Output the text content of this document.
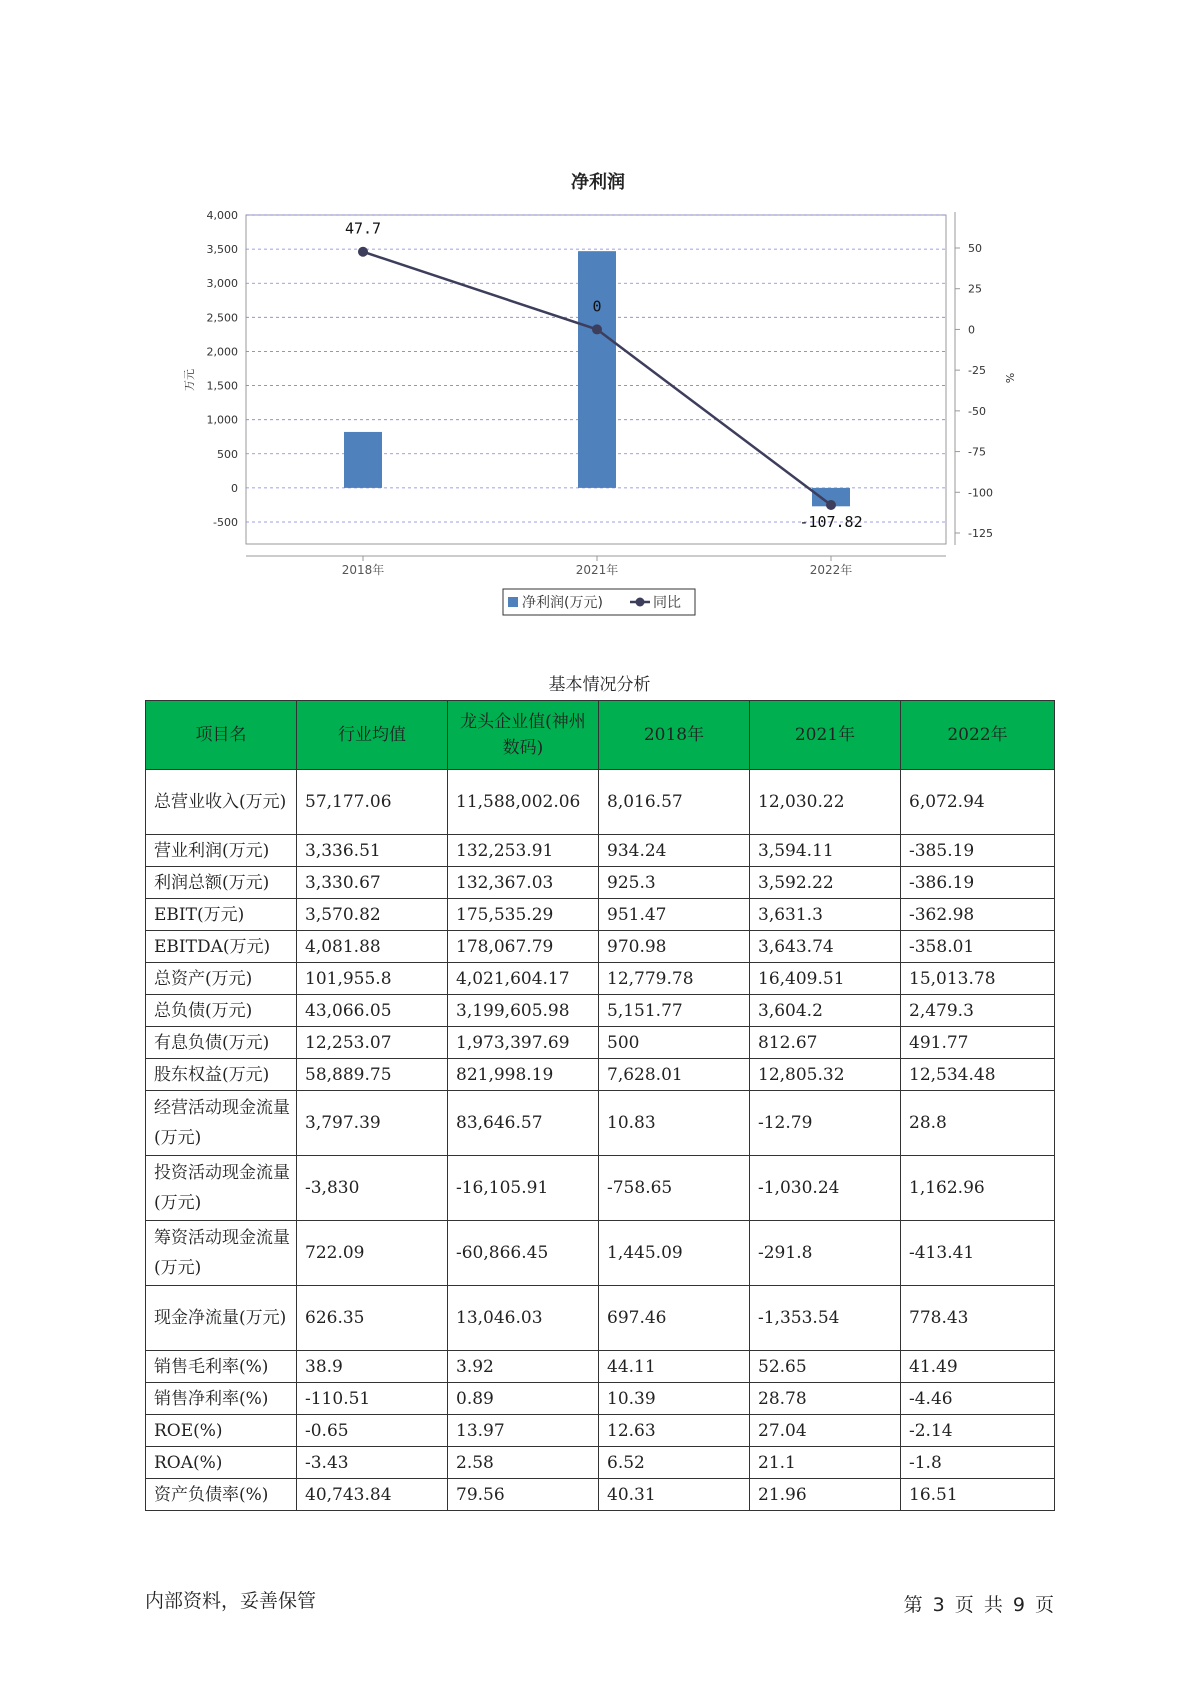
净利润
4,000
3,500
3,000
2,500
2,000
1,500
1,000
500
0
-500
50
25
0
-25
-50
-75
-100
-125
万元	%
2018年	2021年	2022年
47.7
0
-107.82
净利润(万元)	同比
基本情况分析
项目名	行业均值	龙头企业值(神州数码)	2018年	2021年	2022年
总营业收入(万元)	57,177.06	11,588,002.06	8,016.57	12,030.22	6,072.94
营业利润(万元)	3,336.51	132,253.91	934.24	3,594.11	-385.19
利润总额(万元)	3,330.67	132,367.03	925.3	3,592.22	-386.19
EBIT(万元)	3,570.82	175,535.29	951.47	3,631.3	-362.98
EBITDA(万元)	4,081.88	178,067.79	970.98	3,643.74	-358.01
总资产(万元)	101,955.8	4,021,604.17	12,779.78	16,409.51	15,013.78
总负债(万元)	43,066.05	3,199,605.98	5,151.77	3,604.2	2,479.3
有息负债(万元)	12,253.07	1,973,397.69	500	812.67	491.77
股东权益(万元)	58,889.75	821,998.19	7,628.01	12,805.32	12,534.48
经营活动现金流量(万元)	3,797.39	83,646.57	10.83	-12.79	28.8
投资活动现金流量(万元)	-3,830	-16,105.91	-758.65	-1,030.24	1,162.96
筹资活动现金流量(万元)	722.09	-60,866.45	1,445.09	-291.8	-413.41
现金净流量(万元)	626.35	13,046.03	697.46	-1,353.54	778.43
销售毛利率(%)	38.9	3.92	44.11	52.65	41.49
销售净利率(%)	-110.51	0.89	10.39	28.78	-4.46
ROE(%)	-0.65	13.97	12.63	27.04	-2.14
ROA(%)	-3.43	2.58	6.52	21.1	-1.8
资产负债率(%)	40,743.84	79.56	40.31	21.96	16.51
内部资料，妥善保管	第 3 页 共 9 页
